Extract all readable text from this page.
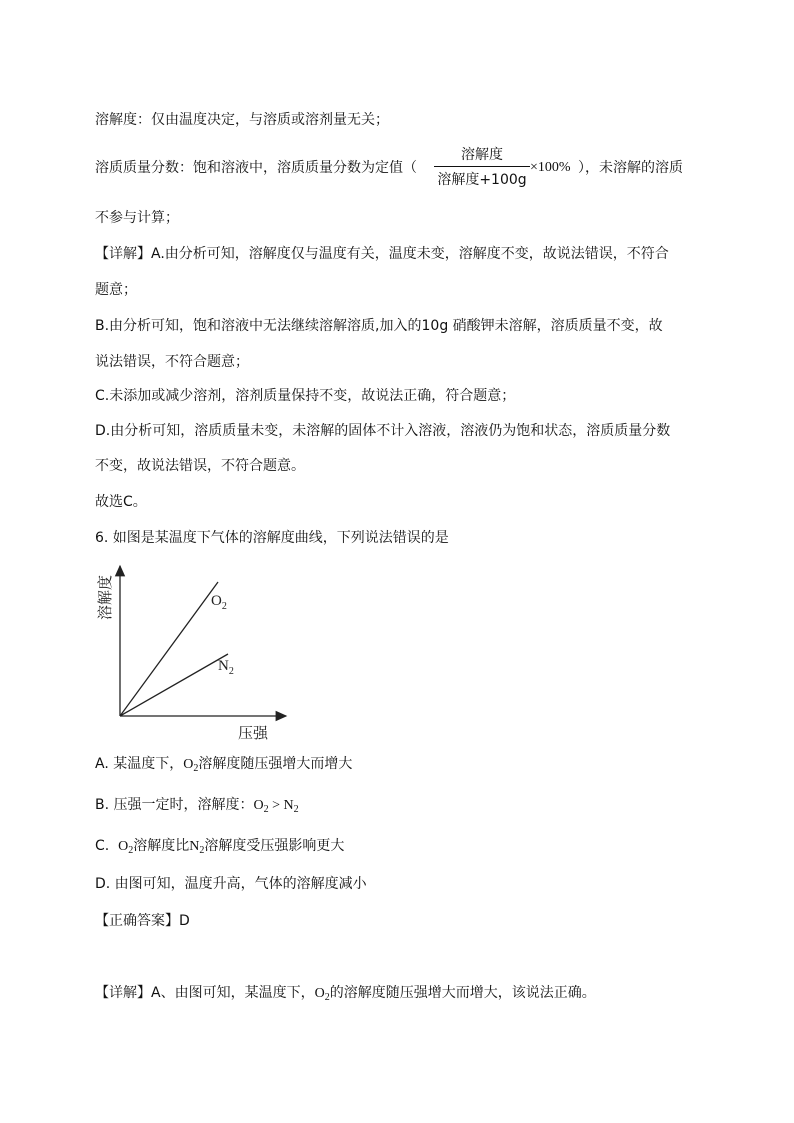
溶解度：仅由温度决定，与溶质或溶剂量无关；
溶质质量分数：饱和溶液中，溶质质量分数为定值（
溶解度
溶解度+100g
×100% ），未溶解的溶质
不参与计算；
【详解】A.由分析可知，溶解度仅与温度有关，温度未变，溶解度不变，故说法错误，不符合
题意；
B.由分析可知，饱和溶液中无法继续溶解溶质,加入的10g 硝酸钾未溶解，溶质质量不变，故
说法错误，不符合题意；
C.未添加或减少溶剂，溶剂质量保持不变，故说法正确，符合题意；
D.由分析可知，溶质质量未变，未溶解的固体不计入溶液，溶液仍为饱和状态，溶质质量分数
不变，故说法错误，不符合题意。
故选C。
6. 如图是某温度下气体的溶解度曲线，下列说法错误的是
溶解度
压强
$O_2$
$N_2$
A. 某温度下，$O_2$溶解度随压强增大而增大
B. 压强一定时，溶解度：$O_2 > N_2$
C.  $O_2$溶解度比$N_2$溶解度受压强影响更大
D. 由图可知，温度升高，气体的溶解度减小
【正确答案】D
【详解】A、由图可知，某温度下，$O_2$的溶解度随压强增大而增大，该说法正确。
